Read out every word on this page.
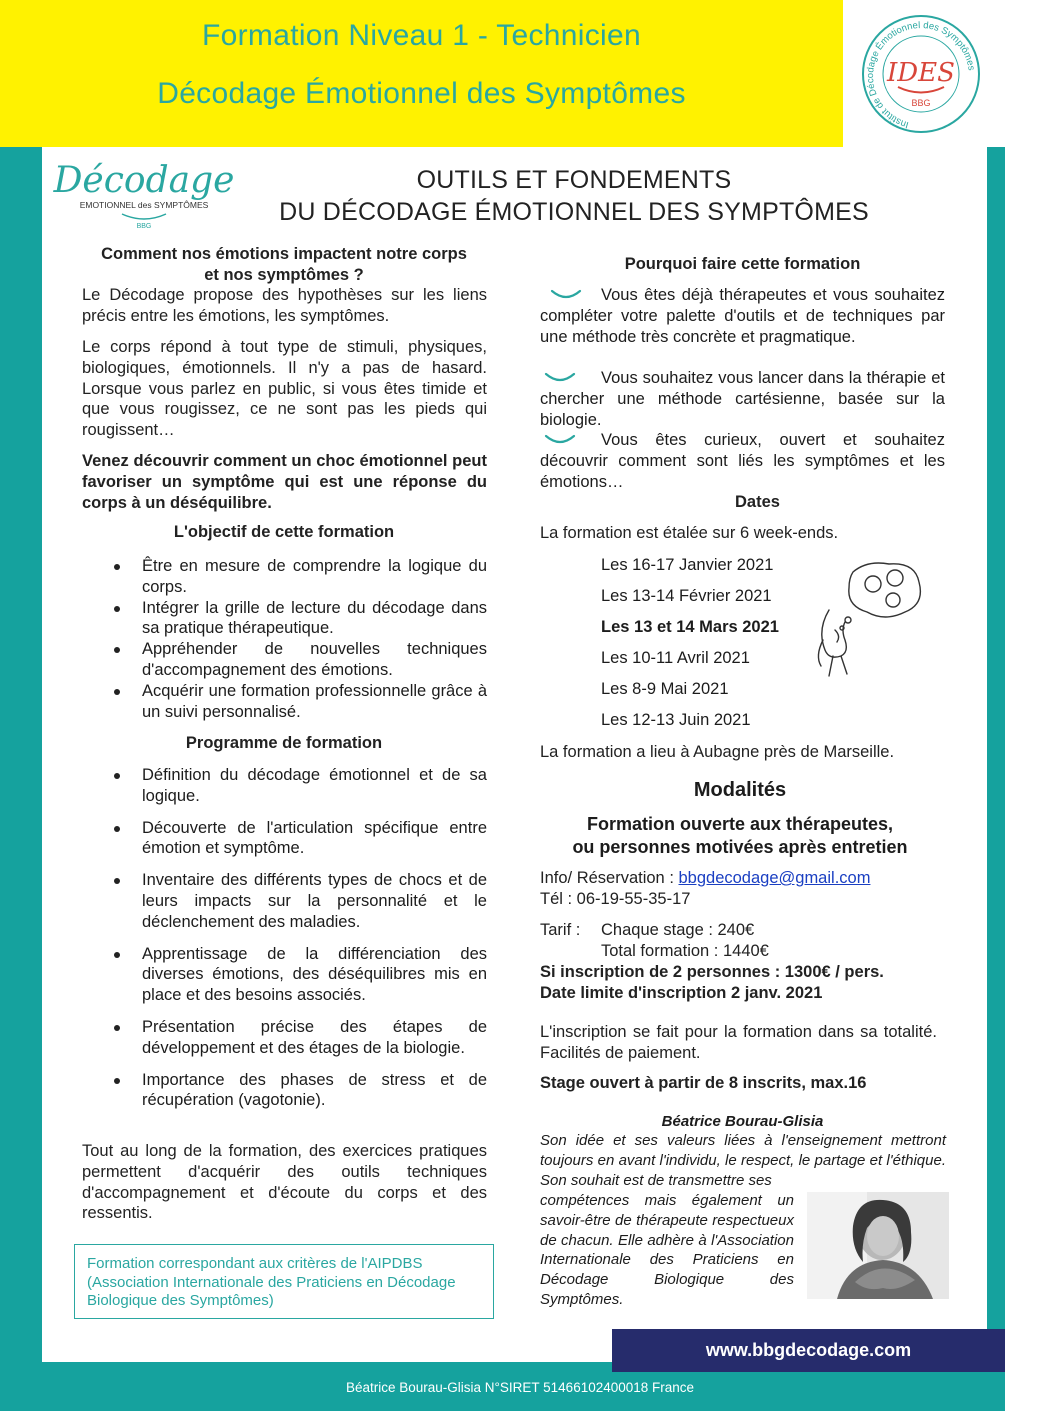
Formation Niveau 1 - Technicien
Décodage Émotionnel des Symptômes
Institut de Décodage Émotionnel des Symptômes
IDES
BBG
Décodage
EMOTIONNEL des SYMPTÔMES
BBG
OUTILS ET FONDEMENTS
DU DÉCODAGE ÉMOTIONNEL DES SYMPTÔMES
Comment nos émotions impactent notre corps
et nos symptômes ?
Le Décodage propose des hypothèses sur les liens précis entre les émotions, les symptômes.
Le corps répond à tout type de stimuli, physiques, biologiques, émotionnels. Il n'y a pas de hasard. Lorsque vous parlez en public, si vous êtes timide et que vous rougissez, ce ne sont pas les pieds qui rougissent…
Venez découvrir comment un choc émotionnel peut favoriser un symptôme qui est une réponse du corps à un déséquilibre.
L'objectif de cette formation
Être en mesure de comprendre la logique du corps.
Intégrer la grille de lecture du décodage dans sa pratique thérapeutique.
Appréhender de nouvelles techniques d'accompagnement des émotions.
Acquérir une formation professionnelle grâce à un suivi personnalisé.
Programme de formation
Définition du décodage émotionnel et de sa logique.
Découverte de l'articulation spécifique entre émotion et symptôme.
Inventaire des différents types de chocs et de leurs impacts sur la personnalité et le déclenchement des maladies.
Apprentissage de la différenciation des diverses émotions, des déséquilibres mis en place et des besoins associés.
Présentation précise des étapes de développement et des étages de la biologie.
Importance des phases de stress et de récupération (vagotonie).
Tout au long de la formation, des exercices pratiques permettent d'acquérir des outils techniques d'accompagnement et d'écoute du corps et des ressentis.
Formation correspondant aux critères de l'AIPDBS (Association Internationale des Praticiens en Décodage Biologique des Symptômes)
Pourquoi faire cette formation
Vous êtes déjà thérapeutes et vous souhaitez compléter votre palette d'outils et de techniques par une méthode très concrète et pragmatique.
Vous souhaitez vous lancer dans la thérapie et chercher une méthode cartésienne, basée sur la biologie.
Vous êtes curieux, ouvert et souhaitez découvrir comment sont liés les symptômes et les émotions…
Dates
La formation est étalée sur 6 week-ends.
Les 16-17 Janvier 2021
Les 13-14 Février 2021
Les 13 et 14 Mars 2021
Les 10-11 Avril 2021
Les 8-9 Mai 2021
Les 12-13 Juin 2021
La formation a lieu à Aubagne près de Marseille.
Modalités
Formation ouverte aux thérapeutes,
ou personnes motivées après entretien
Info/ Réservation : bbgdecodage@gmail.com
Tél : 06-19-55-35-17
Tarif :	Chaque stage : 240€
Total formation : 1440€
Si inscription de 2 personnes : 1300€ / pers.
Date limite d'inscription 2 janv. 2021
L'inscription se fait pour la formation dans sa totalité. Facilités de paiement.
Stage ouvert à partir de 8 inscrits, max.16
Béatrice Bourau-Glisia
Son idée et ses valeurs liées à l'enseignement mettront toujours en avant l'individu, le respect, le partage et l'éthique. Son souhait est de transmettre ses
compétences mais également un savoir-être de thérapeute respectueux de chacun. Elle adhère à l'Association Internationale des Praticiens en Décodage Biologique des Symptômes.
www.bbgdecodage.com
Béatrice Bourau-Glisia N°SIRET 51466102400018 France
